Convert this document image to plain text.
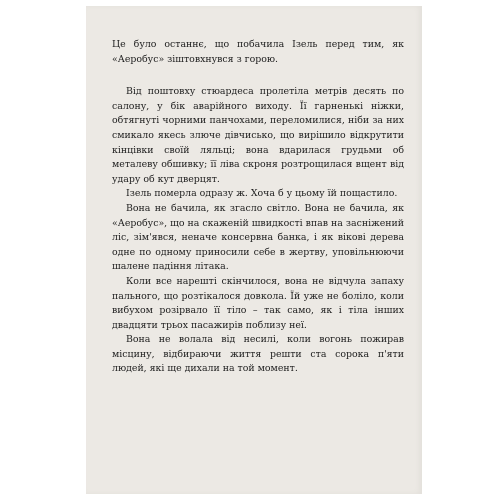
Це було останнє, що побачила Ізель перед тим, як «Аеробус» зіштовхнувся з горою.

Від поштовху стюардеса пролетіла метрів десять по салону, у бік аварійного виходу. Її гарненькі ніжки, обтягнуті чорними панчохами, переломилися, ніби за них смикало якесь злюче дівчисько, що вирішило відкрутити кінцівки своїй ляльці; вона вдарилася грудьми об металеву обшивку; її ліва скроня розтрощилася вщент від удару об кут дверцят.

Ізель померла одразу ж. Хоча б у цьому їй пощастило.

Вона не бачила, як згасло світло. Вона не бачила, як «Аеробус», що на скаженій швидкості впав на засніжений ліс, зім'явся, неначе консервна банка, і як вікові дерева одне по одному приносили себе в жертву, уповільнюючи шалене падіння літака.

Коли все нарешті скінчилося, вона не відчула запаху пального, що розтікалося довкола. Їй уже не боліло, коли вибухом розірвало її тіло – так само, як і тіла інших двадцяти трьох пасажирів поблизу неї.

Вона не волала від несилі, коли вогонь пожирав місцину, відбираючи життя решти ста сорока п'яти людей, які ще дихали на той момент.
